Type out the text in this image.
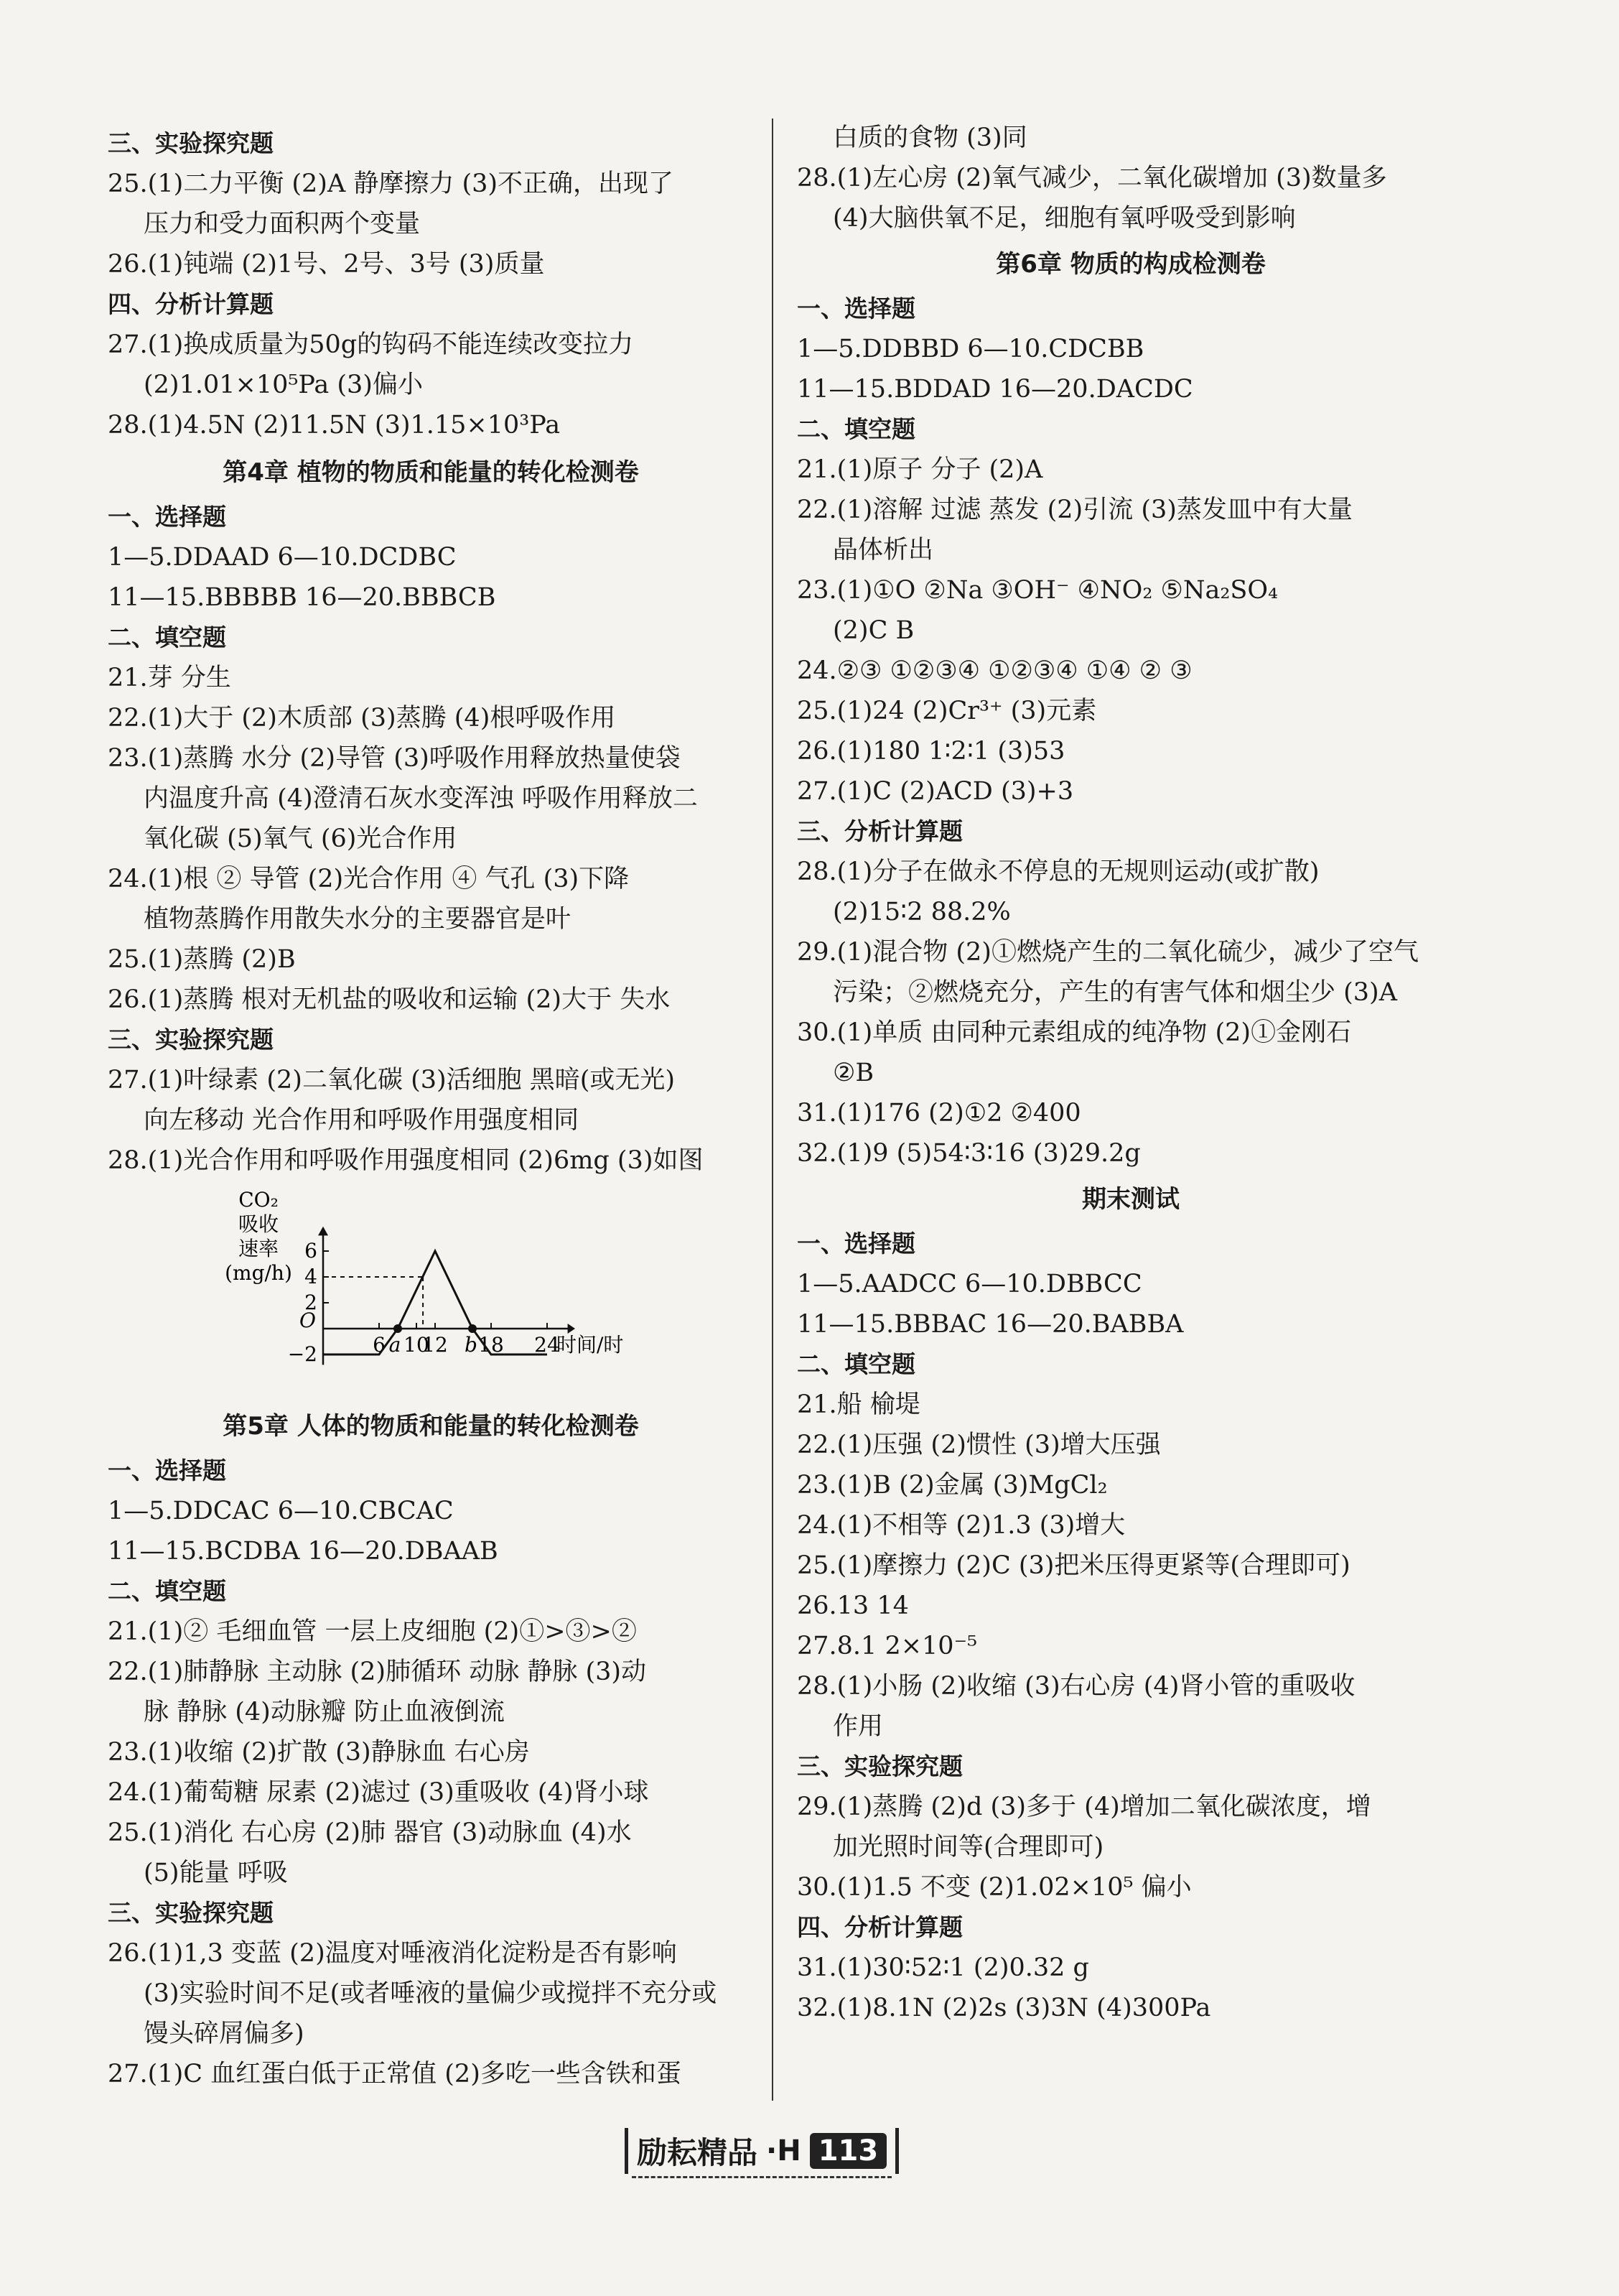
三、实验探究题
25.(1)二力平衡 (2)A 静摩擦力 (3)不正确，出现了
压力和受力面积两个变量
26.(1)钝端 (2)1号、2号、3号 (3)质量
四、分析计算题
27.(1)换成质量为50g的钩码不能连续改变拉力
(2)1.01×10⁵Pa (3)偏小
28.(1)4.5N (2)11.5N (3)1.15×10³Pa
第4章 植物的物质和能量的转化检测卷
一、选择题
1—5.DDAAD 6—10.DCDBC
11—15.BBBBB 16—20.BBBCB
二、填空题
21.芽 分生
22.(1)大于 (2)木质部 (3)蒸腾 (4)根呼吸作用
23.(1)蒸腾 水分 (2)导管 (3)呼吸作用释放热量使袋
内温度升高 (4)澄清石灰水变浑浊 呼吸作用释放二
氧化碳 (5)氧气 (6)光合作用
24.(1)根 ② 导管 (2)光合作用 ④ 气孔 (3)下降
植物蒸腾作用散失水分的主要器官是叶
25.(1)蒸腾 (2)B
26.(1)蒸腾 根对无机盐的吸收和运输 (2)大于 失水
三、实验探究题
27.(1)叶绿素 (2)二氧化碳 (3)活细胞 黑暗(或无光)
向左移动 光合作用和呼吸作用强度相同
28.(1)光合作用和呼吸作用强度相同 (2)6mg (3)如图
CO₂
吸收
速率
(mg/h)
6
4
2
−2
O
6 10
12 18 24
时间/时
a	b
第5章 人体的物质和能量的转化检测卷
一、选择题
1—5.DDCAC 6—10.CBCAC
11—15.BCDBA 16—20.DBAAB
二、填空题
21.(1)② 毛细血管 一层上皮细胞 (2)①>③>②
22.(1)肺静脉 主动脉 (2)肺循环 动脉 静脉 (3)动
脉 静脉 (4)动脉瓣 防止血液倒流
23.(1)收缩 (2)扩散 (3)静脉血 右心房
24.(1)葡萄糖 尿素 (2)滤过 (3)重吸收 (4)肾小球
25.(1)消化 右心房 (2)肺 器官 (3)动脉血 (4)水
(5)能量 呼吸
三、实验探究题
26.(1)1,3 变蓝 (2)温度对唾液消化淀粉是否有影响
(3)实验时间不足(或者唾液的量偏少或搅拌不充分或
馒头碎屑偏多)
27.(1)C 血红蛋白低于正常值 (2)多吃一些含铁和蛋
白质的食物 (3)同
28.(1)左心房 (2)氧气减少，二氧化碳增加 (3)数量多
(4)大脑供氧不足，细胞有氧呼吸受到影响
第6章 物质的构成检测卷
一、选择题
1—5.DDBBD 6—10.CDCBB
11—15.BDDAD 16—20.DACDC
二、填空题
21.(1)原子 分子 (2)A
22.(1)溶解 过滤 蒸发 (2)引流 (3)蒸发皿中有大量
晶体析出
23.(1)①O ②Na ③OH⁻ ④NO₂ ⑤Na₂SO₄
(2)C B
24.②③ ①②③④ ①②③④ ①④ ② ③
25.(1)24 (2)Cr³⁺ (3)元素
26.(1)180 1∶2∶1 (3)53
27.(1)C (2)ACD (3)+3
三、分析计算题
28.(1)分子在做永不停息的无规则运动(或扩散)
(2)15∶2 88.2%
29.(1)混合物 (2)①燃烧产生的二氧化硫少，减少了空气
污染；②燃烧充分，产生的有害气体和烟尘少 (3)A
30.(1)单质 由同种元素组成的纯净物 (2)①金刚石
②B
31.(1)176 (2)①2 ②400
32.(1)9 (5)54∶3∶16 (3)29.2g
期末测试
一、选择题
1—5.AADCC 6—10.DBBCC
11—15.BBBAC 16—20.BABBA
二、填空题
21.船 榆堤
22.(1)压强 (2)惯性 (3)增大压强
23.(1)B (2)金属 (3)MgCl₂
24.(1)不相等 (2)1.3 (3)增大
25.(1)摩擦力 (2)C (3)把米压得更紧等(合理即可)
26.13 14
27.8.1 2×10⁻⁵
28.(1)小肠 (2)收缩 (3)右心房 (4)肾小管的重吸收
作用
三、实验探究题
29.(1)蒸腾 (2)d (3)多于 (4)增加二氧化碳浓度，增
加光照时间等(合理即可)
30.(1)1.5 不变 (2)1.02×10⁵ 偏小
四、分析计算题
31.(1)30∶52∶1 (2)0.32 g
32.(1)8.1N (2)2s (3)3N (4)300Pa
励耘精品 ·H 113
